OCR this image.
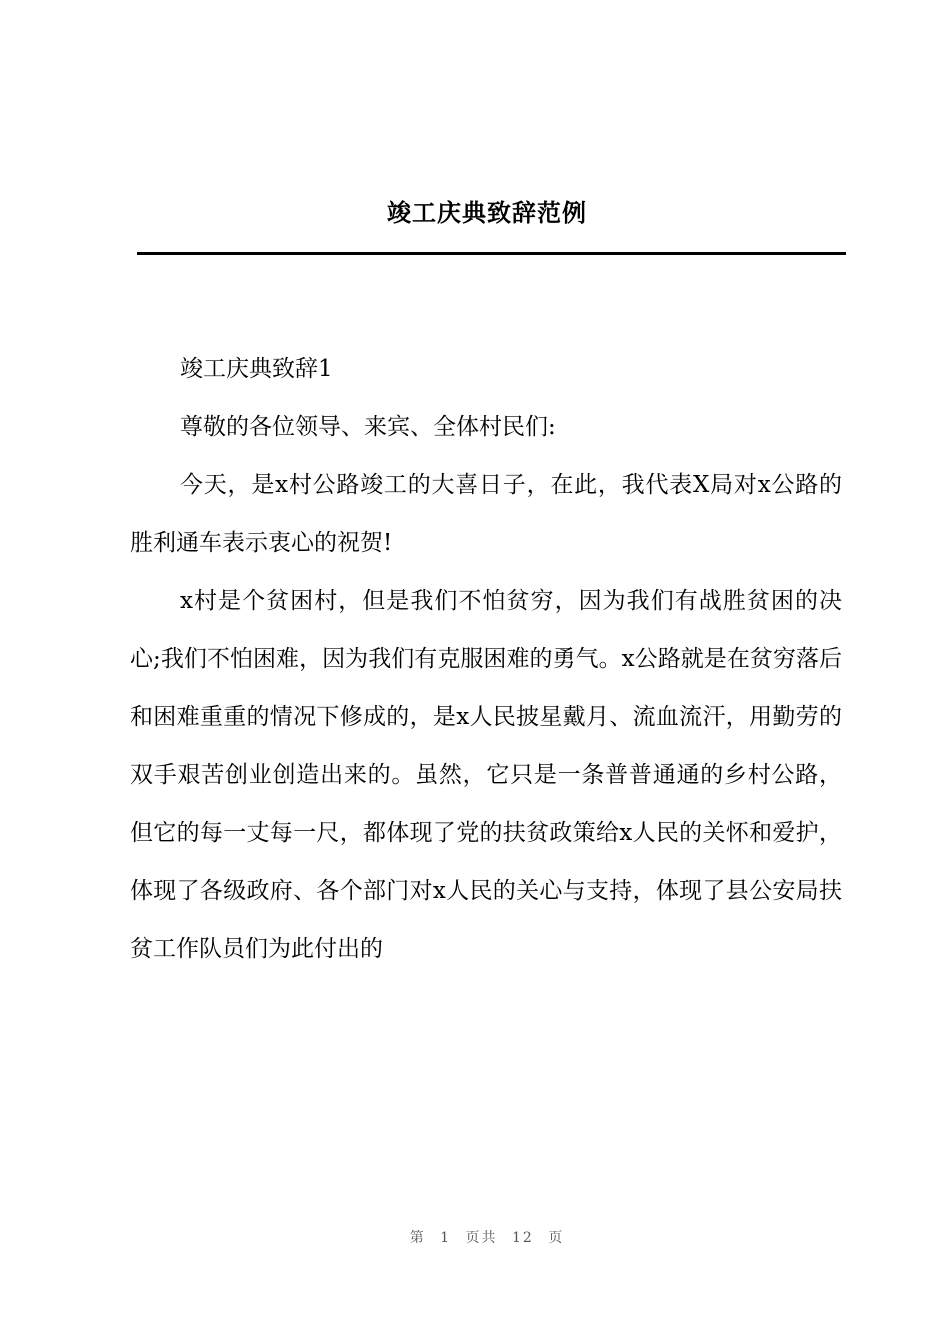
竣工庆典致辞范例

竣工庆典致辞1

尊敬的各位领导、来宾、全体村民们:

今天，是x村公路竣工的大喜日子，在此，我代表X局对x公路的胜利通车表示衷心的祝贺!

x村是个贫困村，但是我们不怕贫穷，因为我们有战胜贫困的决心;我们不怕困难，因为我们有克服困难的勇气。x公路就是在贫穷落后和困难重重的情况下修成的，是x人民披星戴月、流血流汗，用勤劳的双手艰苦创业创造出来的。虽然，它只是一条普普通通的乡村公路，但它的每一丈每一尺，都体现了党的扶贫政策给x人民的关怀和爱护，体现了各级政府、各个部门对x人民的关心与支持，体现了县公安局扶贫工作队员们为此付出的

第 1 页共 12 页
